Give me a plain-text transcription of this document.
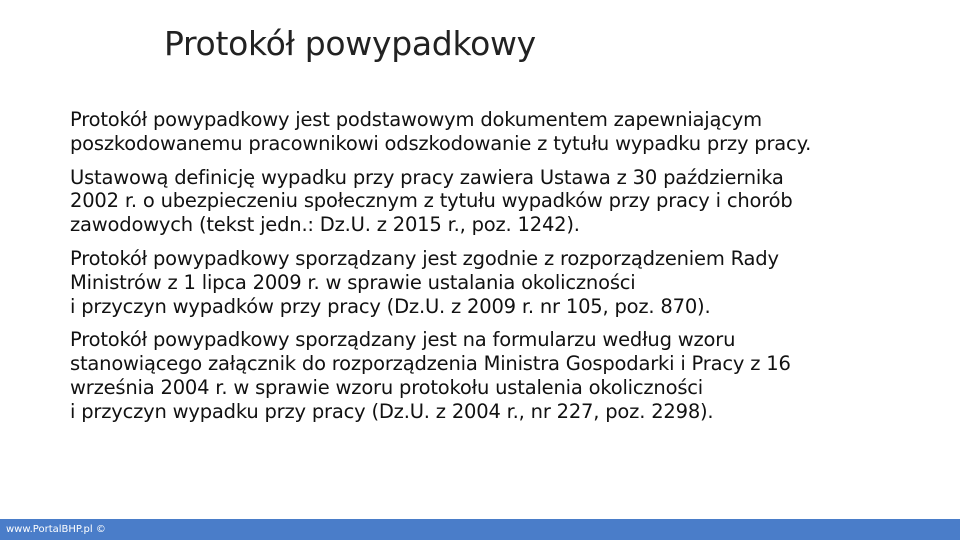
Protokół powypadkowy

Protokół powypadkowy jest podstawowym dokumentem zapewniającym
poszkodowanemu pracownikowi odszkodowanie z tytułu wypadku przy pracy.

Ustawową definicję wypadku przy pracy zawiera Ustawa z 30 października
2002 r. o ubezpieczeniu społecznym z tytułu wypadków przy pracy i chorób
zawodowych (tekst jedn.: Dz.U. z 2015 r., poz. 1242).

Protokół powypadkowy sporządzany jest zgodnie z rozporządzeniem Rady
Ministrów z 1 lipca 2009 r. w sprawie ustalania okoliczności
i przyczyn wypadków przy pracy (Dz.U. z 2009 r. nr 105, poz. 870).

Protokół powypadkowy sporządzany jest na formularzu według wzoru
stanowiącego załącznik do rozporządzenia Ministra Gospodarki i Pracy z 16
września 2004 r. w sprawie wzoru protokołu ustalenia okoliczności
i przyczyn wypadku przy pracy (Dz.U. z 2004 r., nr 227, poz. 2298).

www.PortalBHP.pl ©
